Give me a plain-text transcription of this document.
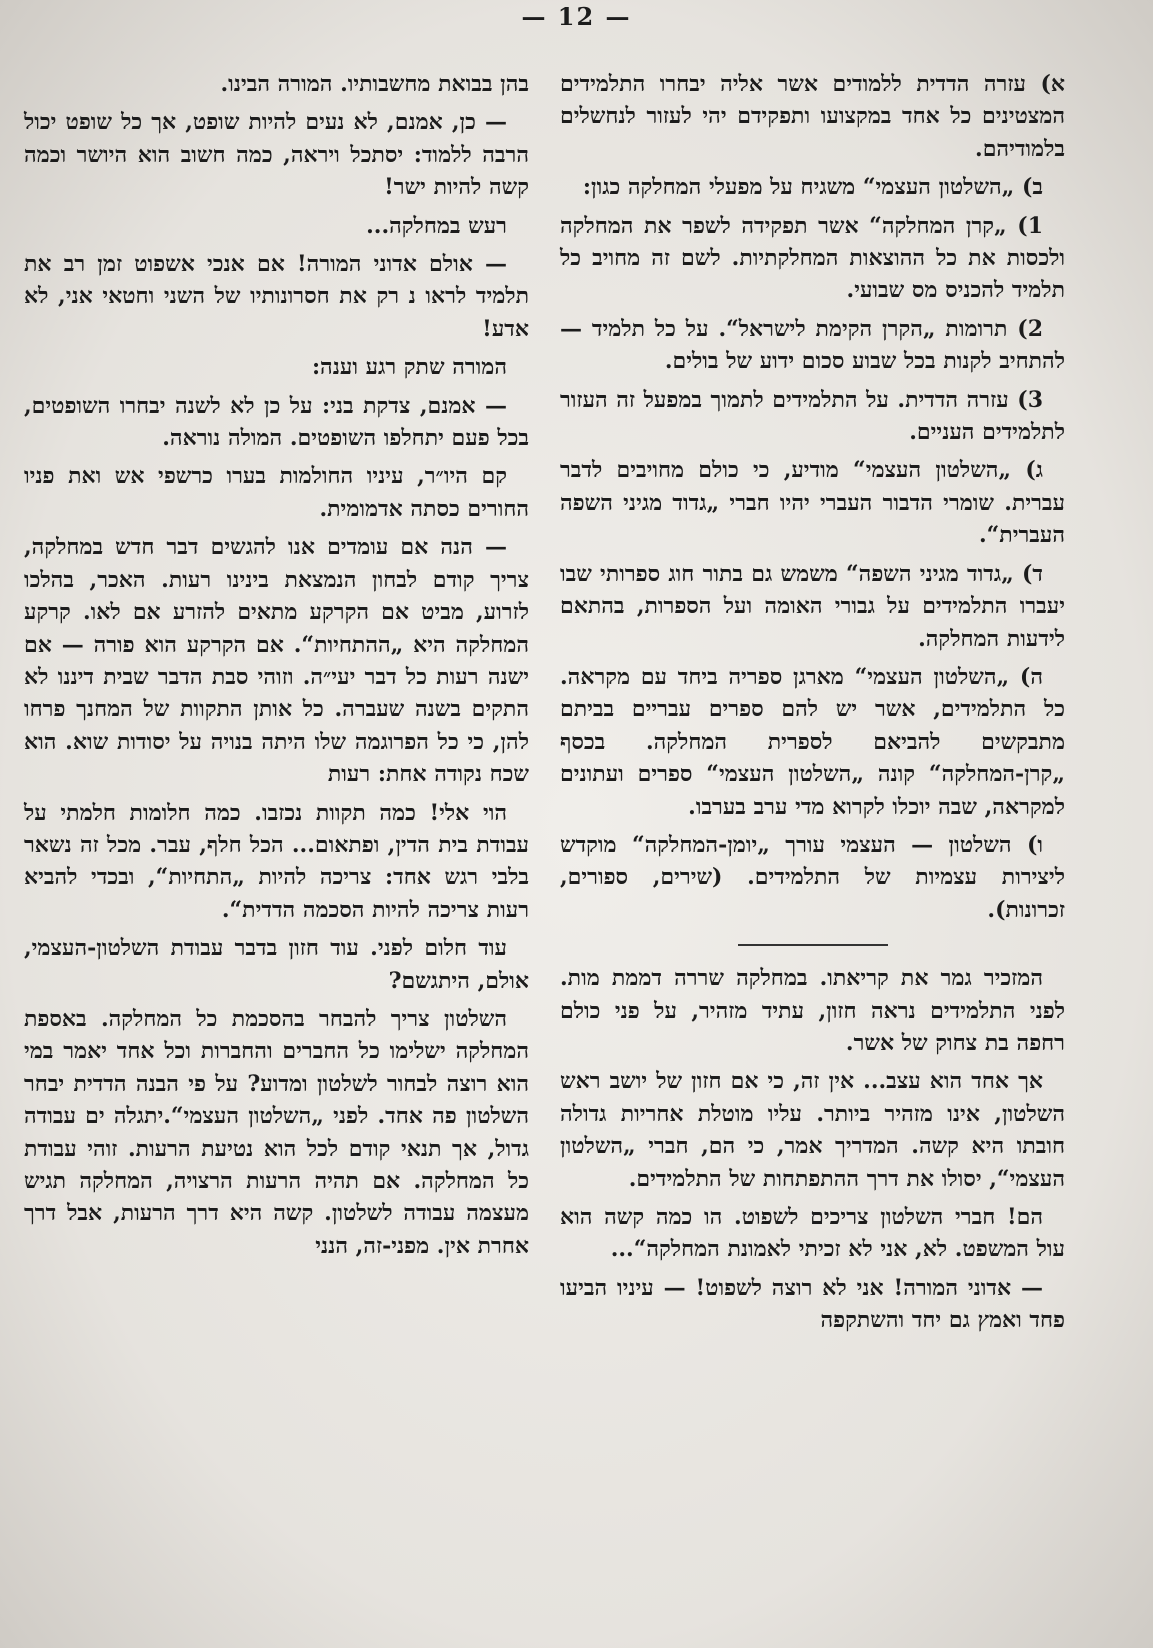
— 12 —

א) עזרה הדדית ללמודים אשר אליה יבחרו התלמידים המצטינים כל אחד במקצועו ותפקידם יהי לעזור לנחשלים בלמודיהם.

ב) „השלטון העצמי“ משגיח על מפעלי המחלקה כגון:

1) „קרן המחלקה“ אשר תפקידה לשפר את המחלקה ולכסות את כל ההוצאות המחלקתיות. לשם זה מחויב כל תלמיד להכניס מס שבועי.

2) תרומות „הקרן הקימת לישראל“. על כל תלמיד — להתחיב לקנות בכל שבוע סכום ידוע של בולים.

3) עזרה הדדית. על התלמידים לתמוך במפעל זה העזור לתלמידים העניים.

ג) „השלטון העצמי“ מודיע, כי כולם מחויבים לדבר עברית. שומרי הדבור העברי יהיו חברי „גדוד מגיני השפה העברית“.

ד) „גדוד מגיני השפה“ משמש גם בתור חוג ספרותי שבו יעברו התלמידים על גבורי האומה ועל הספרות, בהתאם לידעות המחלקה.

ה) „השלטון העצמי“ מארגן ספריה ביחד עם מקראה. כל התלמידים, אשר יש להם ספרים עבריים בביתם מתבקשים להביאם לספרית המחלקה. בכסף „קרן-המחלקה“ קונה „השלטון העצמי“ ספרים ועתונים למקראה, שבה יוכלו לקרוא מדי ערב בערבו.

ו) השלטון — העצמי עורך „יומן-המחלקה“ מוקדש ליצירות עצמיות של התלמידים. (שירים, ספורים, זכרונות).

המזכיר גמר את קריאתו. במחלקה שררה דממת מות. לפני התלמידים נראה חזון, עתיד מזהיר, על פני כולם רחפה בת צחוק של אשר.

אך אחד הוא עצב... אין זה, כי אם חזון של יושב ראש השלטון, אינו מזהיר ביותר. עליו מוטלת אחריות גדולה חובתו היא קשה. המדריך אמר, כי הם, חברי „השלטון העצמי“, יסולו את דרך ההתפתחות של התלמידים.

הם! חברי השלטון צריכים לשפוט. הו כמה קשה הוא עול המשפט. לא, אני לא זכיתי לאמונת המחלקה“...

— אדוני המורה! אני לא רוצה לשפוט! — עיניו הביעו פחד ואמץ גם יחד והשתקפה

בהן בבואת מחשבותיו. המורה הבינו.

— כן, אמנם, לא נעים להיות שופט, אך כל שופט יכול הרבה ללמוד: יסתכל ויראה, כמה חשוב הוא היושר וכמה קשה להיות ישר!

רעש במחלקה...

— אולם אדוני המורה! אם אנכי אשפוט זמן רב את תלמיד לראו נ רק את חסרונותיו של השני וחטאי אני, לא אדע!

המורה שתק רגע וענה:

— אמנם, צדקת בני: על כן לא לשנה יבחרו השופטים, בכל פעם יתחלפו השופטים. המולה נוראה.

קם היו״ר, עיניו החולמות בערו כרשפי אש ואת פניו החורים כסתה אדמומית.

— הנה אם עומדים אנו להגשים דבר חדש במחלקה, צריך קודם לבחון הנמצאת בינינו רעות. האכר, בהלכו לזרוע, מביט אם הקרקע מתאים להזרע אם לאו. קרקע המחלקה היא „ההתחיות“. אם הקרקע הוא פורה — אם ישנה רעות כל דבר יעי״ה. וזוהי סבת הדבר שבית דיננו לא התקים בשנה שעברה. כל אותן התקוות של המחנך פרחו להן, כי כל הפרוגמה שלו היתה בנויה על יסודות שוא. הוא שכח נקודה אחת: רעות

הוי אלי! כמה תקוות נכזבו. כמה חלומות חלמתי על עבודת בית הדין, ופתאום... הכל חלף, עבר. מכל זה נשאר בלבי רגש אחד: צריכה להיות „התחיות“, ובכדי להביא רעות צריכה להיות הסכמה הדדית“.

עוד חלום לפני. עוד חזון בדבר עבודת השלטון-העצמי, אולם, היתגשם?

השלטון צריך להבחר בהסכמת כל המחלקה. באספת המחלקה ישלימו כל החברים והחברות וכל אחד יאמר במי הוא רוצה לבחור לשלטון ומדוע? על פי הבנה הדדית יבחר השלטון פה אחד. לפני „השלטון העצמי“.יתגלה ים עבודה גדול, אך תנאי קודם לכל הוא נטיעת הרעות. זוהי עבודת כל המחלקה. אם תהיה הרעות הרצויה, המחלקה תגיש מעצמה עבודה לשלטון. קשה היא דרך הרעות, אבל דרך אחרת אין. מפני-זה, הנני
